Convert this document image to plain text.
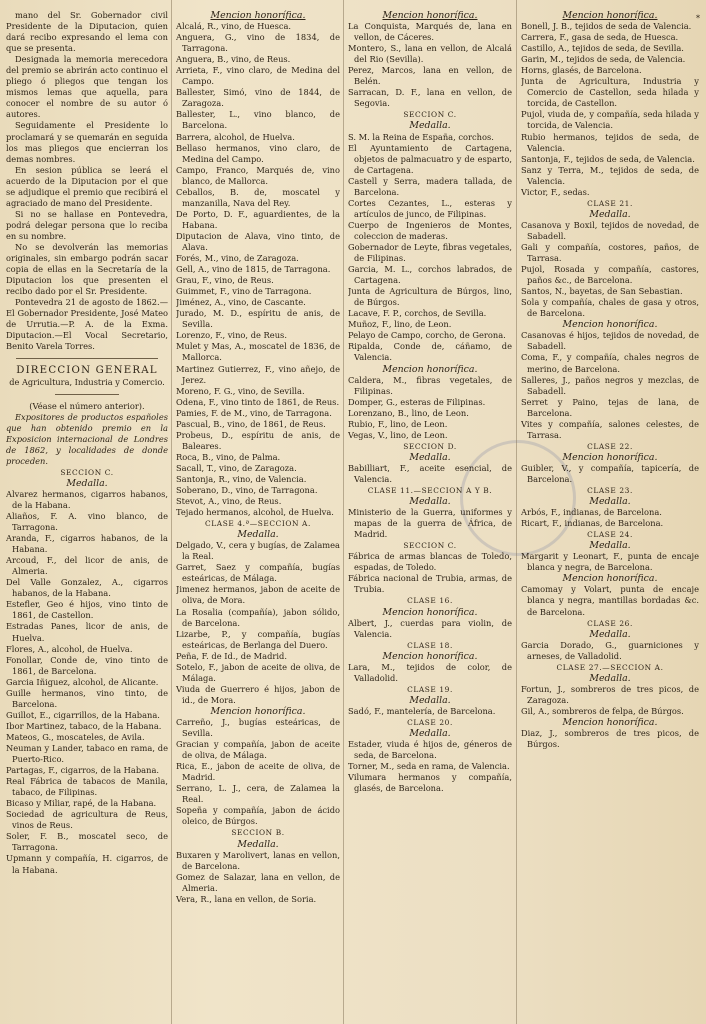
*

mano del Sr. Gobernador civil Presidente de la Diputacion, quien dará recibo expresando el lema con que se presenta.

Designada la memoria merecedora del premio se abrirán acto continuo el pliego ó pliegos que tengan los mismos lemas que aquella, para conocer el nombre de su autor ó autores.

Seguidamente el Presidente lo proclamará y se quemarán en seguida los mas pliegos que encierran los demas nombres.

En sesion pública se leerá el acuerdo de la Diputacion por el que se adjudique el premio que recibirá el agraciado de mano del Presidente.

Si no se hallase en Pontevedra, podrá delegar persona que lo reciba en su nombre.

No se devolverán las memorias originales, sin embargo podrán sacar copia de ellas en la Secretaría de la Diputacion los que presenten el recibo dado por el Sr. Presidente.

Pontevedra 21 de agosto de 1862.—El Gobernador Presidente, José Mateo de Urrutia.—P. A. de la Exma. Diputacion.—El Vocal Secretario, Benito Varela Torres.

DIRECCION GENERAL

de Agricultura, Industria y Comercio.

(Véase el número anterior).

Expositores de productos españoles que han obtenido premio en la Exposicion internacional de Londres de 1862, y localidades de donde proceden.

SECCION C.

Medalla.

Alvarez hermanos, cigarros habanos, de la Habana.

Aliaños, F. A. vino blanco, de Tarragona.

Aranda, F., cigarros habanos, de la Habana.

Arcoud, F., del licor de anis, de Almeria.

Del Valle Gonzalez, A., cigarros habanos, de la Habana.

Estefler, Geo é hijos, vino tinto de 1861, de Castellon.

Estradas Panes, licor de anis, de Huelva.

Flores, A., alcohol, de Huelva.

Fonollar, Conde de, vino tinto de 1861, de Barcelona.

Garcia Iñiguez, alcohol, de Alicante.

Guille hermanos, vino tinto, de Barcelona.

Guillot, E., cigarrillos, de la Habana.

Ibor Martinez, tabaco, de la Habana.

Mateos, G., moscateles, de Avila.

Neuman y Lander, tabaco en rama, de Puerto-Rico.

Partagas, F., cigarros, de la Habana.

Real Fábrica de tabacos de Manila, tabaco, de Filipinas.

Bicaso y Miliar, rapé, de la Habana.

Sociedad de agricultura de Reus, vinos de Reus.

Soler, F. B., moscatel seco, de Tarragona.

Upmann y compañía, H. cigarros, de la Habana.

Mencion honorífica.

Alcalá, R., vino, de Huesca.

Anguera, G., vino de 1834, de Tarragona.

Anguera, B., vino, de Reus.

Arrieta, F., vino claro, de Medina del Campo.

Ballester, Simó, vino de 1844, de Zaragoza.

Ballester, L., vino blanco, de Barcelona.

Barrera, alcohol, de Huelva.

Bellaso hermanos, vino claro, de Medina del Campo.

Campo, Franco, Marqués de, vino blanco, de Mallorca.

Ceballos, B. de, moscatel y manzanilla, Nava del Rey.

De Porto, D. F., aguardientes, de la Habana.

Diputacion de Alava, vino tinto, de Alava.

Forés, M., vino, de Zaragoza.

Gell, A., vino de 1815, de Tarragona.

Grau, F., vino, de Reus.

Guimmet, F., vino de Tarragona.

Jiménez, A., vino, de Cascante.

Jurado, M. D., espíritu de anis, de Sevilla.

Lorenzo, F., vino, de Reus.

Mulet y Mas, A., moscatel de 1836, de Mallorca.

Martinez Gutierrez, F., vino añejo, de Jerez.

Moreno, F. G., vino, de Sevilla.

Odena, F., vino tinto de 1861, de Reus.

Pamies, F. de M., vino, de Tarragona.

Pascual, B., vino, de 1861, de Reus.

Probeus, D., espíritu de anis, de Baleares.

Roca, B., vino, de Palma.

Sacall, T., vino, de Zaragoza.

Santonja, R., vino, de Valencia.

Soberano, D., vino, de Tarragona.

Stevot, A., vino, de Reus.

Tejado hermanos, alcohol, de Huelva.

CLASE 4.ª—SECCION A.

Medalla.

Delgado, V., cera y bugías, de Zalamea la Real.

Garret, Saez y compañía, bugías esteáricas, de Málaga.

Jimenez hermanos, jabon de aceite de oliva, de Mora.

La Rosalia (compañía), jabon sólido, de Barcelona.

Lizarbe, P., y compañía, bugías esteáricas, de Berlanga del Duero.

Peña, F. de Id., de Madrid.

Sotelo, F., jabon de aceite de oliva, de Málaga.

Viuda de Guerrero é hijos, jabon de id., de Mora.

Mencion honorífica.

Carreño, J., bugías esteáricas, de Sevilla.

Gracian y compañía, jabon de aceite de oliva, de Málaga.

Rica, E., jabon de aceite de oliva, de Madrid.

Serrano, L. J., cera, de Zalamea la Real.

Sopeña y compañía, jabon de ácido oleico, de Búrgos.

SECCION B.

Medalla.

Buxaren y Marolivert, lanas en vellon, de Barcelona.

Gomez de Salazar, lana en vellon, de Almeria.

Vera, R., lana en vellon, de Soria.

Mencion honorífica.

La Conquista, Marqués de, lana en vellon, de Cáceres.

Montero, S., lana en vellon, de Alcalá del Rio (Sevilla).

Perez, Marcos, lana en vellon, de Belén.

Sarracan, D. F., lana en vellon, de Segovia.

SECCION C.

Medalla.

S. M. la Reina de España, corchos.

El Ayuntamiento de Cartagena, objetos de palmacuatro y de esparto, de Cartagena.

Castell y Serra, madera tallada, de Barcelona.

Cortes Cezantes, L., esteras y artículos de junco, de Filipinas.

Cuerpo de Ingenieros de Montes, coleccion de maderas.

Gobernador de Leyte, fibras vegetales, de Filipinas.

Garcia, M. L., corchos labrados, de Cartagena.

Junta de Agricultura de Búrgos, lino, de Búrgos.

Lacave, F. P., corchos, de Sevilla.

Muñoz, F., lino, de Leon.

Pelayo de Campo, corcho, de Gerona.

Ripalda, Conde de, cáñamo, de Valencia.

Mencion honorífica.

Caldera, M., fibras vegetales, de Filipinas.

Domper, G., esteras de Filipinas.

Lorenzano, B., lino, de Leon.

Rubio, F., lino, de Leon.

Vegas, V., lino, de Leon.

SECCION D.

Medalla.

Babilliart, F., aceite esencial, de Valencia.

CLASE 11.—SECCION A Y B.

Medalla.

Ministerio de la Guerra, uniformes y mapas de la guerra de África, de Madrid.

SECCION C.

Fábrica de armas blancas de Toledo, espadas, de Toledo.

Fábrica nacional de Trubia, armas, de Trubia.

CLASE 16.

Mencion honorífica.

Albert, J., cuerdas para violin, de Valencia.

CLASE 18.

Mencion honorífica.

Lara, M., tejidos de color, de Valladolid.

CLASE 19.

Medalla.

Sadó, F., mantelería, de Barcelona.

CLASE 20.

Medalla.

Estader, viuda é hijos de, géneros de seda, de Barcelona.

Torner, M., seda en rama, de Valencia.

Vilumara hermanos y compañía, glasés, de Barcelona.

Mencion honorífica.

Bonell, J. B., tejidos de seda de Valencia.

Carrera, F., gasa de seda, de Huesca.

Castillo, A., tejidos de seda, de Sevilla.

Garin, M., tejidos de seda, de Valencia.

Horns, glasés, de Barcelona.

Junta de Agricultura, Industria y Comercio de Castellon, seda hilada y torcida, de Castellon.

Pujol, viuda de, y compañía, seda hilada y torcida, de Valencia.

Rubio hermanos, tejidos de seda, de Valencia.

Santonja, F., tejidos de seda, de Valencia.

Sanz y Terra, M., tejidos de seda, de Valencia.

Victor, F., sedas.

CLASE 21.

Medalla.

Casanova y Boxil, tejidos de novedad, de Sabadell.

Gali y compañía, costores, paños, de Tarrasa.

Pujol, Rosada y compañía, castores, paños &c., de Barcelona.

Santos, N., bayetas, de San Sebastian.

Sola y compañía, chales de gasa y otros, de Barcelona.

Mencion honorífica.

Casanovas é hijos, tejidos de novedad, de Sabadell.

Coma, F., y compañía, chales negros de merino, de Barcelona.

Salleres, J., paños negros y mezclas, de Sabadell.

Serret y Paino, tejas de lana, de Barcelona.

Vites y compañía, salones celestes, de Tarrasa.

CLASE 22.

Mencion honorífica.

Guibler, V., y compañía, tapicería, de Barcelona.

CLASE 23.

Medalla.

Arbós, F., indianas, de Barcelona.

Ricart, F., indianas, de Barcelona.

CLASE 24.

Medalla.

Margarit y Leonart, F., punta de encaje blanca y negra, de Barcelona.

Mencion honorífica.

Camomay y Volart, punta de encaje blanca y negra, mantillas bordadas &c. de Barcelona.

CLASE 26.

Medalla.

Garcia Dorado, G., guarniciones y arneses, de Valladolid.

CLASE 27.—SECCION A.

Medalla.

Fortun, J., sombreros de tres picos, de Zaragoza.

Gil, A., sombreros de felpa, de Búrgos.

Mencion honorífica.

Diaz, J., sombreros de tres picos, de Búrgos.
